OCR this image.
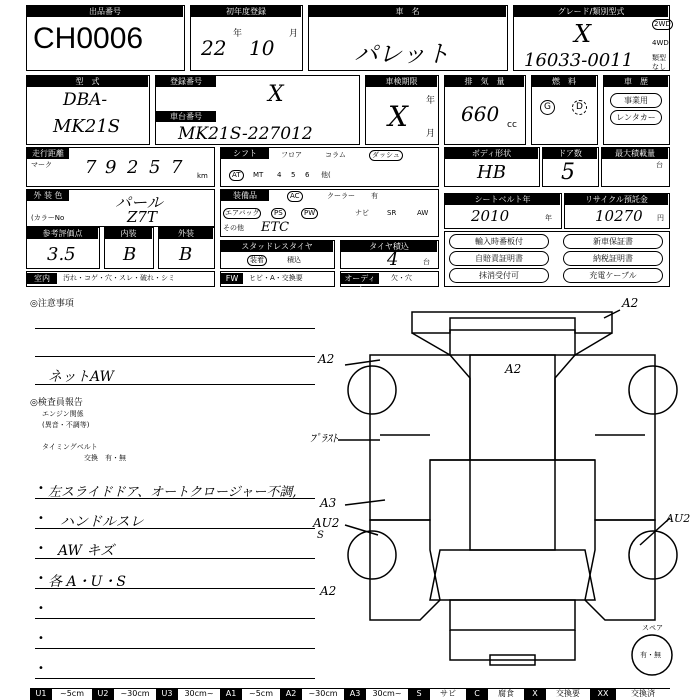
出品番号
CH0006
初年度登録
22
年
10
月
車　名
パレット
グレード/類別型式
X
16033-0011
2WD
4WD
類型なし
型　式
DBA-
MK21S
登録番号
X
車台番号
MK21S-227012
車検期限
X 年
月
排　気　量
660 cc
燃　料
G	D
車　歴
事業用
レンタカー
走行距離
マーク 7 9 2 5 7	km
シフト	フロア	コラム	ダッシュ
AT	MT 4 5 6 他(
ボディ形状
HB
ドア数
5
最大積載量
台
外 装 色	パール
(カラーNo	Z7T
装備品	AC	クーラー 有
エアバッグ	PS	PW	ナビ	SR	AW
その他 ETC
シートベルト年
2010	年
リサイクル預託金
10270 円
参考評価点
3.5
内装
B
外装
B	スタッドレスタイヤ
装着	積込
タイヤ積込
4	台
輸入時番板付	新車保証書
自賠責証明書	納税証明書
抹消受付可	充電ケーブル
室内	汚れ・コゲ・穴・スレ・破れ・シミ	FW	ヒビ・A・交換要	オーディオ
欠・穴
◎注意事項
ネットAW
◎検査員報告
エンジン関係
(異音・不調等)
タイミングベルト
交換　有・無
•
•
•
•
•
•
•
左スライドドア、オートクロージャー不調,
ハンドルスレ
AW キズ
各 A・U・S
A2
A2
A2
ﾌﾟﾗｽﾄ
A3
AU2
S
AU2
A2
スペア
有・無
U1	~5cm	U2	~30cm	U3	30cm~	A1	~5cm	A2	~30cm	A3	30cm~	S	サビ	C	腐食	X	交換要	XX	交換済
